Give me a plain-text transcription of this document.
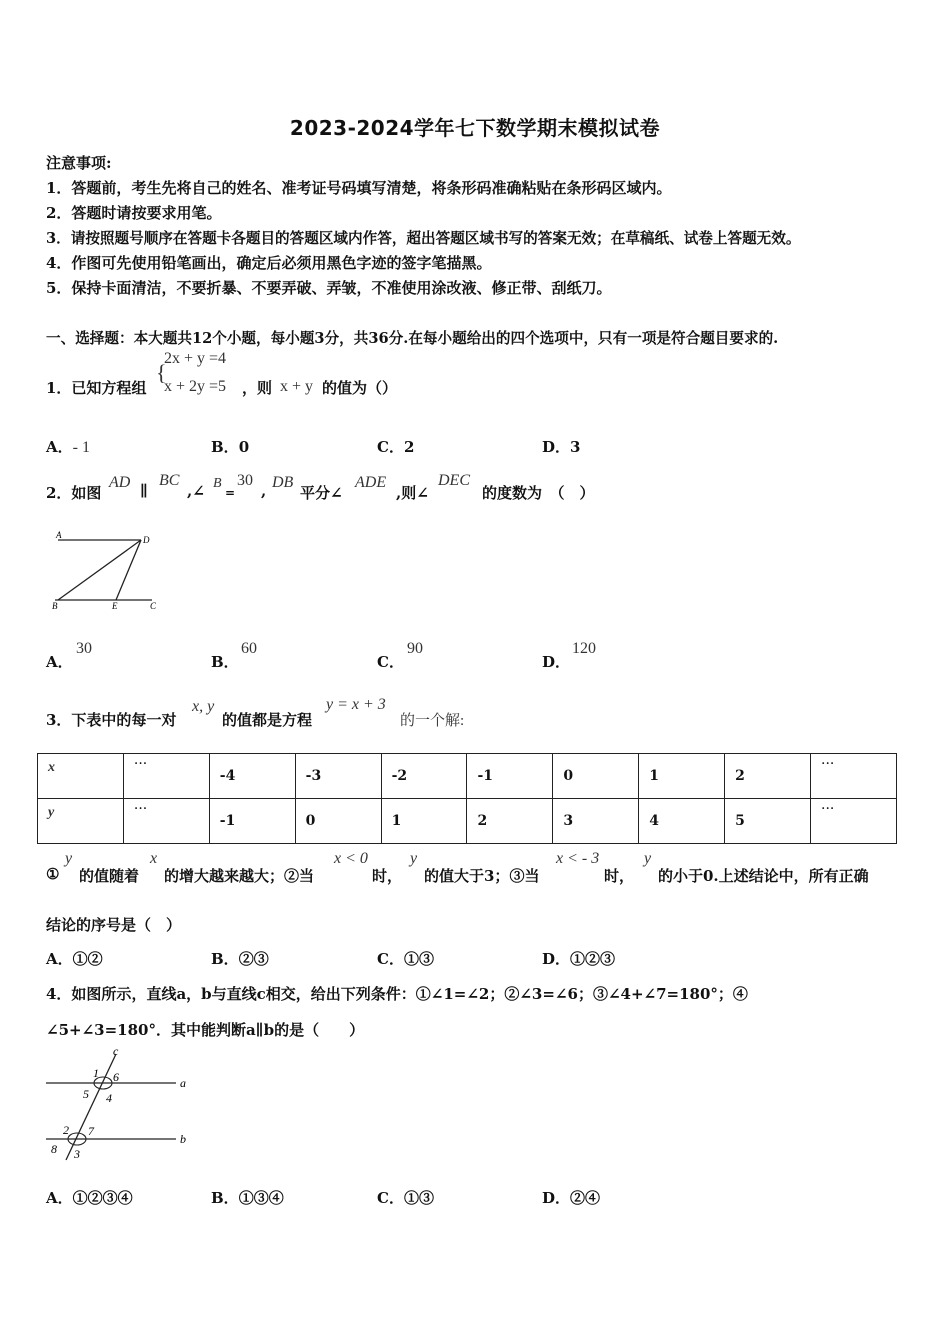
2023-2024学年七下数学期末模拟试卷
注意事项:
1．答题前，考生先将自己的姓名、准考证号码填写清楚，将条形码准确粘贴在条形码区域内。
2．答题时请按要求用笔。
3．请按照题号顺序在答题卡各题目的答题区域内作答，超出答题区域书写的答案无效；在草稿纸、试卷上答题无效。
4．作图可先使用铅笔画出，确定后必须用黑色字迹的签字笔描黑。
5．保持卡面清洁，不要折暴、不要弄破、弄皱，不准使用涂改液、修正带、刮纸刀。
一、选择题：本大题共12个小题，每小题3分，共36分.在每小题给出的四个选项中，只有一项是符合题目要求的.
1．已知方程组
{
2x + y =4
x + 2y =5 ，则 x + y 的值为（）
A．- 1	B．0	C．2	D．3
2．如图
AD ∥
BC
,∠ B
=
30
, DB
平分∠
ADE
,则∠
DEC
的度数为　（　）
A	D
B	E	C
A．
30
B．
60
C．
90
D．
120
3．下表中的每一对
x, y
的值都是方程
y = x + 3
的一个解:
x	···	-4	-3	-2	-1	0	1	2	···
y	···	-1	0	1	2	3	4	5	···
①
y
的值随着
x
的增大越来越大；②当
x < 0
时，
y
的值大于3；③当
x < - 3
时，
y
的小于0.上述结论中，所有正确
结论的序号是（　）
A．①②	B．②③	C．①③	D．①②③
4．如图所示，直线a，b与直线c相交，给出下列条件：①∠1=∠2；②∠3=∠6；③∠4+∠7=180°；④
∠5+∠3=180°．其中能判断a∥b的是（　　）
c
a
b
1 6
5 4
2 7
8 3
A．①②③④	B．①③④	C．①③	D．②④
